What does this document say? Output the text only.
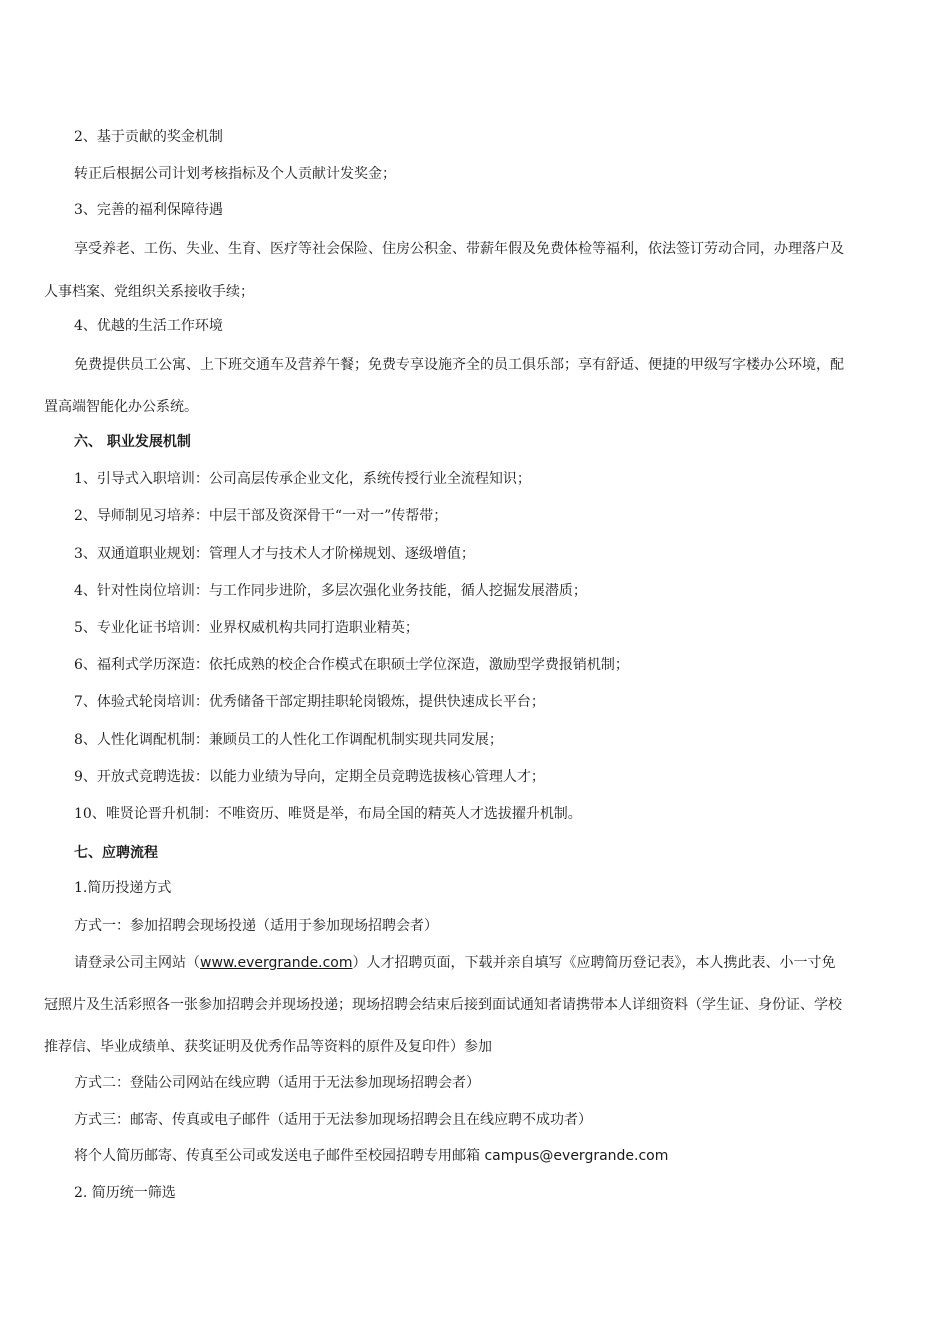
2、基于贡献的奖金机制
转正后根据公司计划考核指标及个人贡献计发奖金；
3、完善的福利保障待遇
享受养老、工伤、失业、生育、医疗等社会保险、住房公积金、带薪年假及免费体检等福利，依法签订劳动合同，办理落户及
人事档案、党组织关系接收手续；
4、优越的生活工作环境
免费提供员工公寓、上下班交通车及营养午餐；免费专享设施齐全的员工俱乐部；享有舒适、便捷的甲级写字楼办公环境，配
置高端智能化办公系统。
六、 职业发展机制
1、引导式入职培训：公司高层传承企业文化，系统传授行业全流程知识；
2、导师制见习培养：中层干部及资深骨干“一对一”传帮带；
3、双通道职业规划：管理人才与技术人才阶梯规划、逐级增值；
4、针对性岗位培训：与工作同步进阶，多层次强化业务技能，循人挖掘发展潜质；
5、专业化证书培训：业界权威机构共同打造职业精英；
6、福利式学历深造：依托成熟的校企合作模式在职硕士学位深造，激励型学费报销机制；
7、体验式轮岗培训：优秀储备干部定期挂职轮岗锻炼，提供快速成长平台；
8、人性化调配机制：兼顾员工的人性化工作调配机制实现共同发展；
9、开放式竞聘选拔：以能力业绩为导向，定期全员竞聘选拔核心管理人才；
10、唯贤论晋升机制：不唯资历、唯贤是举，布局全国的精英人才选拔擢升机制。
七、应聘流程
1.简历投递方式
方式一：参加招聘会现场投递（适用于参加现场招聘会者）
请登录公司主网站（www.evergrande.com）人才招聘页面，下载并亲自填写《应聘简历登记表》，本人携此表、小一寸免
冠照片及生活彩照各一张参加招聘会并现场投递；现场招聘会结束后接到面试通知者请携带本人详细资料（学生证、身份证、学校
推荐信、毕业成绩单、获奖证明及优秀作品等资料的原件及复印件）参加
方式二：登陆公司网站在线应聘（适用于无法参加现场招聘会者）
方式三：邮寄、传真或电子邮件（适用于无法参加现场招聘会且在线应聘不成功者）
将个人简历邮寄、传真至公司或发送电子邮件至校园招聘专用邮箱 campus@evergrande.com
2. 简历统一筛选
